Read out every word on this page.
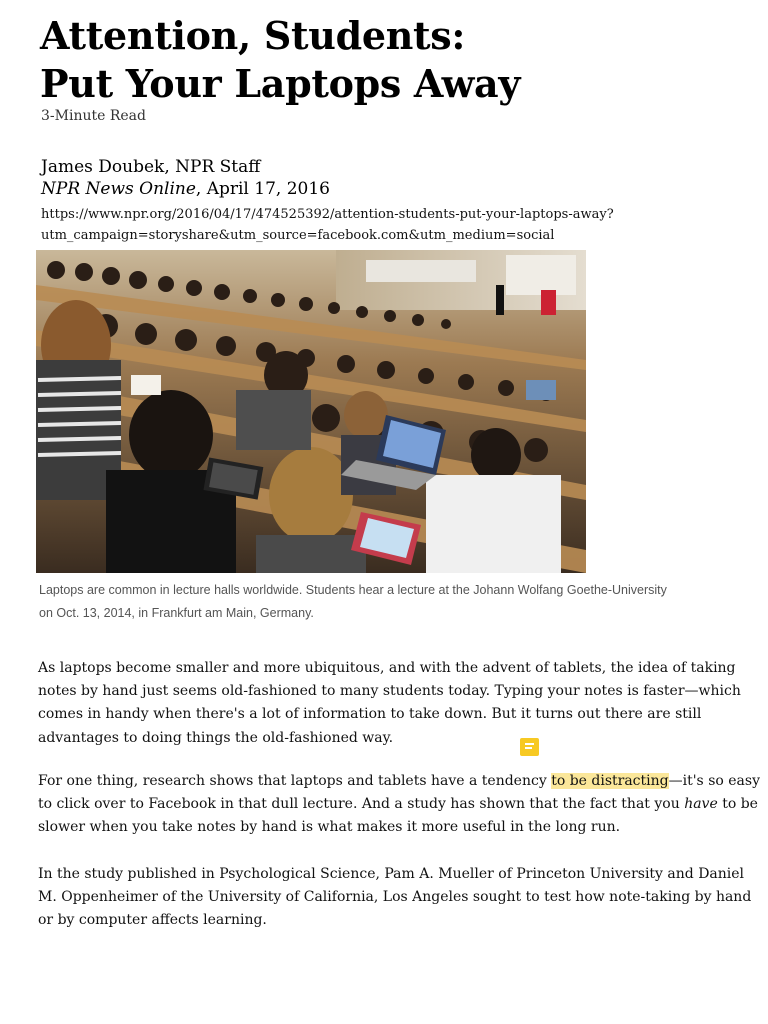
Attention, Students:
Put Your Laptops Away
3-Minute Read
James Doubek, NPR Staff
NPR News Online, April 17, 2016
https://www.npr.org/2016/04/17/474525392/attention-students-put-your-laptops-away?
utm_campaign=storyshare&utm_source=facebook.com&utm_medium=social
Laptops are common in lecture halls worldwide. Students hear a lecture at the Johann Wolfang Goethe-University
on Oct. 13, 2014, in Frankfurt am Main, Germany.
As laptops become smaller and more ubiquitous, and with the advent of tablets, the idea of taking
notes by hand just seems old-fashioned to many students today. Typing your notes is faster—which
comes in handy when there's a lot of information to take down. But it turns out there are still
advantages to doing things the old-fashioned way.
For one thing, research shows that laptops and tablets have a tendency to be distracting—it's so easy
to click over to Facebook in that dull lecture. And a study has shown that the fact that you have to be
slower when you take notes by hand is what makes it more useful in the long run.
In the study published in Psychological Science, Pam A. Mueller of Princeton University and Daniel
M. Oppenheimer of the University of California, Los Angeles sought to test how note-taking by hand
or by computer affects learning.
